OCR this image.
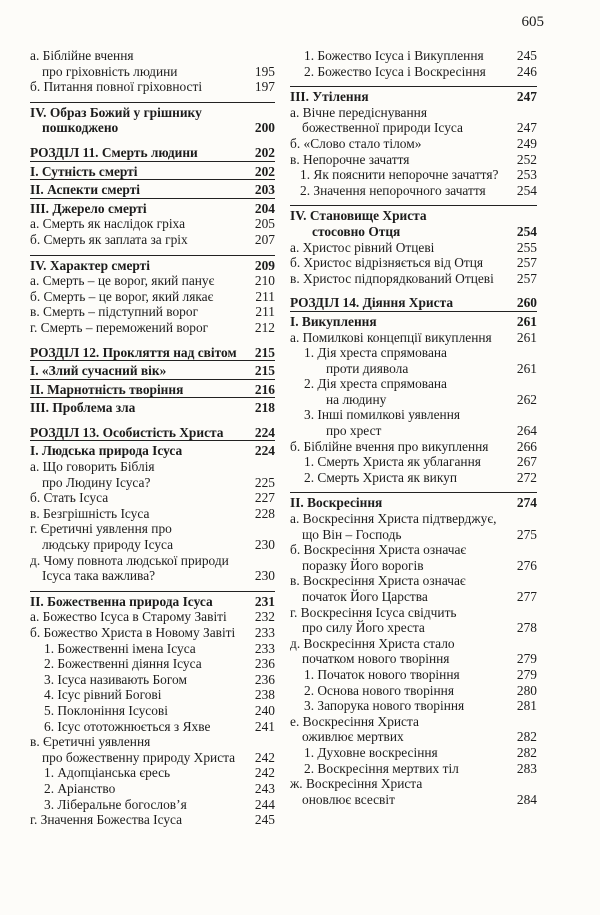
605
а. Біблійне вчення
про гріховність людини	195
б. Питання повної гріховності	197
IV. Образ Божий у грішнику
пошкоджено	200
РОЗДІЛ 11. Смерть людини	202
I. Сутність смерті	202
II. Аспекти смерті	203
III. Джерело смерті	204
а. Смерть як наслідок гріха	205
б. Смерть як заплата за гріх	207
IV. Характер смерті	209
а. Смерть – це ворог, який панує	210
б. Смерть – це ворог, який лякає	211
в. Смерть – підступний ворог	211
г. Смерть – переможений ворог	212
РОЗДІЛ 12. Прокляття над світом	215
I. «Злий сучасний вік»	215
II. Марнотність творіння	216
III. Проблема зла	218
РОЗДІЛ 13. Особистість Христа	224
I. Людська природа Ісуса	224
а. Що говорить Біблія
про Людину Ісуса?	225
б. Стать Ісуса	227
в. Безгрішність Ісуса	228
г. Єретичні уявлення про
людську природу Ісуса	230
д. Чому повнота людської природи
Ісуса така важлива?	230
II. Божественна природа Ісуса	231
а. Божество Ісуса в Старому Завіті	232
б. Божество Христа в Новому Завіті	233
1. Божественні імена Ісуса	233
2. Божественні діяння Ісуса	236
3. Ісуса називають Богом	236
4. Ісус рівний Богові	238
5. Поклоніння Ісусові	240
6. Ісус ототожнюється з Яхве	241
в. Єретичні уявлення
про божественну природу Христа	242
1. Адопціанська єресь	242
2. Аріанство	243
3. Ліберальне богослов’я	244
г. Значення Божества Ісуса	245
1. Божество Ісуса і Викуплення	245
2. Божество Ісуса і Воскресіння	246
III. Утілення	247
а. Вічне передіснування
божественної природи Ісуса	247
б. «Слово стало тілом»	249
в. Непорочне зачаття	252
1. Як пояснити непорочне зачаття?	253
2. Значення непорочного зачаття	254
IV. Становище Христа
стосовно Отця	254
а. Христос рівний Отцеві	255
б. Христос відрізняється від Отця	257
в. Христос підпорядкований Отцеві	257
РОЗДІЛ 14. Діяння Христа	260
I. Викуплення	261
а. Помилкові концепції викуплення	261
1. Дія хреста спрямована
проти диявола	261
2. Дія хреста спрямована
на людину	262
3. Інші помилкові уявлення
про хрест	264
б. Біблійне вчення про викуплення	266
1. Смерть Христа як ублагання	267
2. Смерть Христа як викуп	272
II. Воскресіння	274
а. Воскресіння Христа підтверджує,
що Він – Господь	275
б. Воскресіння Христа означає
поразку Його ворогів	276
в. Воскресіння Христа означає
початок Його Царства	277
г. Воскресіння Ісуса свідчить
про силу Його хреста	278
д. Воскресіння Христа стало
початком нового творіння	279
1. Початок нового творіння	279
2. Основа нового творіння	280
3. Запорука нового творіння	281
е. Воскресіння Христа
оживлює мертвих	282
1. Духовне воскресіння	282
2. Воскресіння мертвих тіл	283
ж. Воскресіння Христа
оновлює всесвіт	284
